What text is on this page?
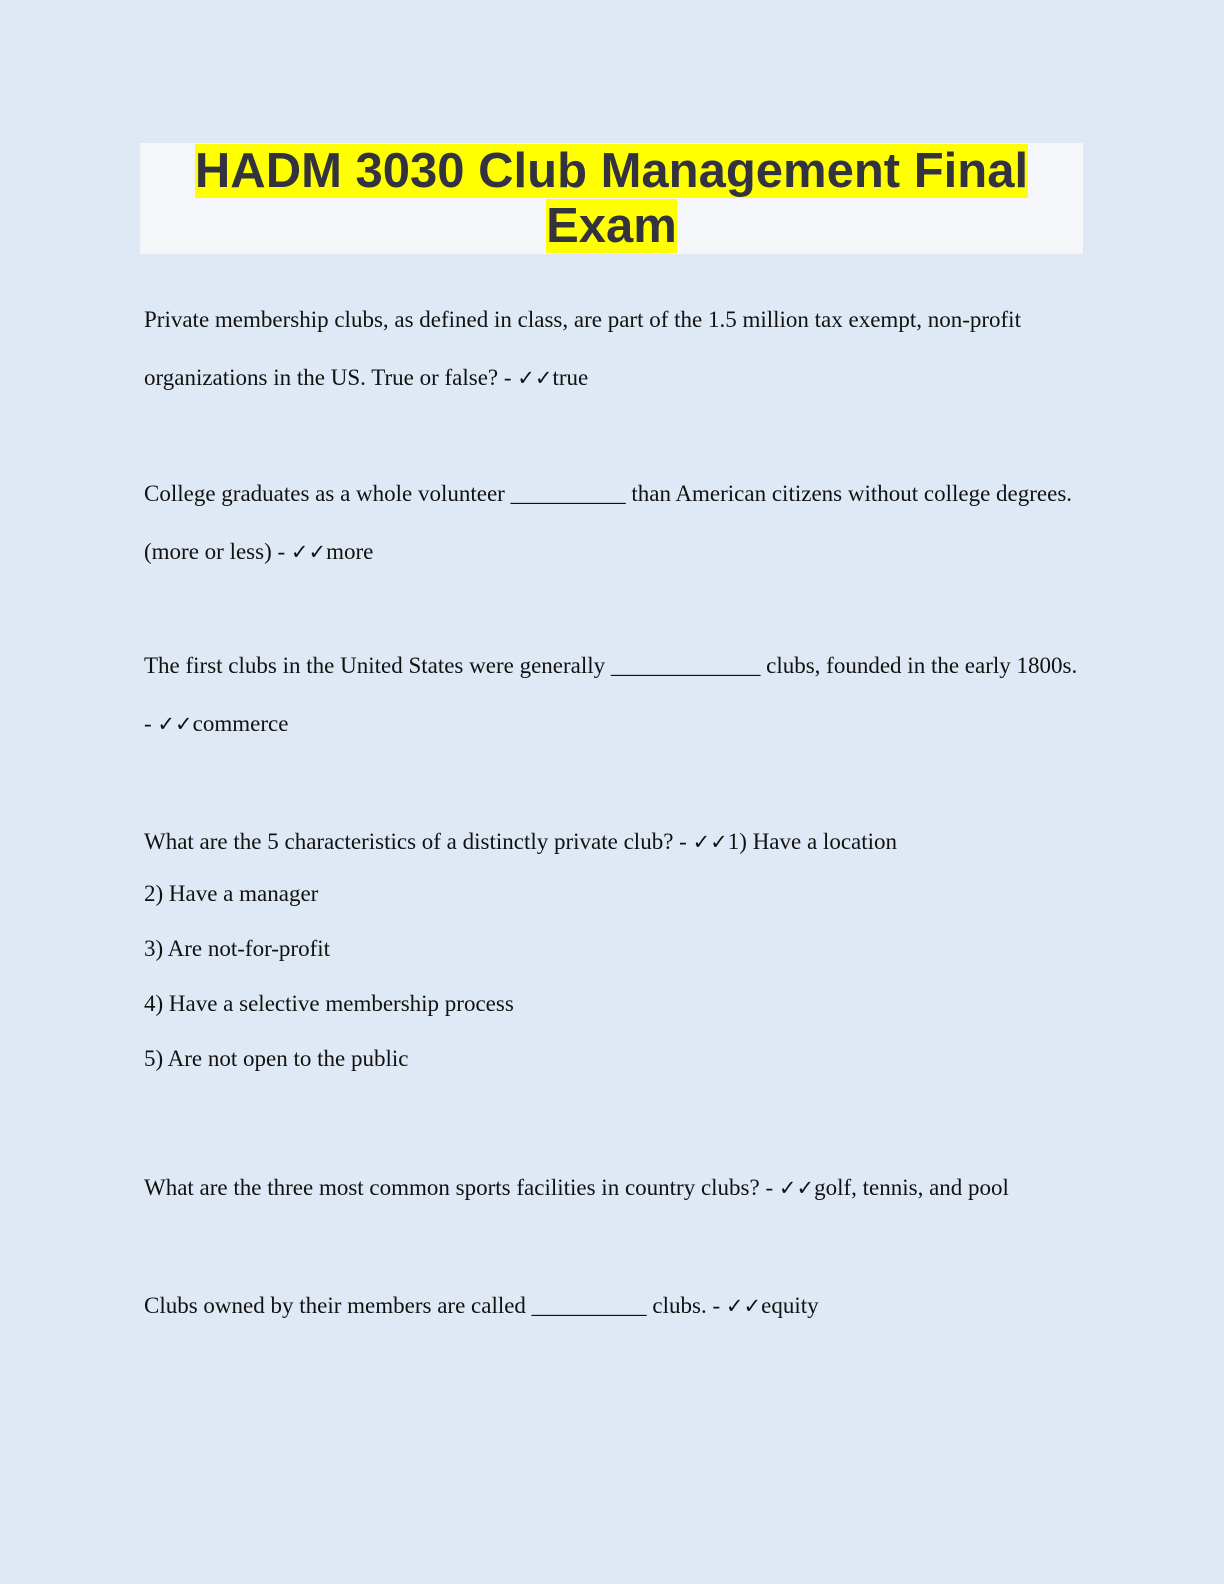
HADM 3030 Club Management Final Exam

Private membership clubs, as defined in class, are part of the 1.5 million tax exempt, non-profit organizations in the US. True or false? - ✓✓true

College graduates as a whole volunteer __________ than American citizens without college degrees. (more or less) - ✓✓more

The first clubs in the United States were generally _____________ clubs, founded in the early 1800s. - ✓✓commerce

What are the 5 characteristics of a distinctly private club? - ✓✓1) Have a location
2) Have a manager
3) Are not-for-profit
4) Have a selective membership process
5) Are not open to the public

What are the three most common sports facilities in country clubs? - ✓✓golf, tennis, and pool

Clubs owned by their members are called __________ clubs. - ✓✓equity
